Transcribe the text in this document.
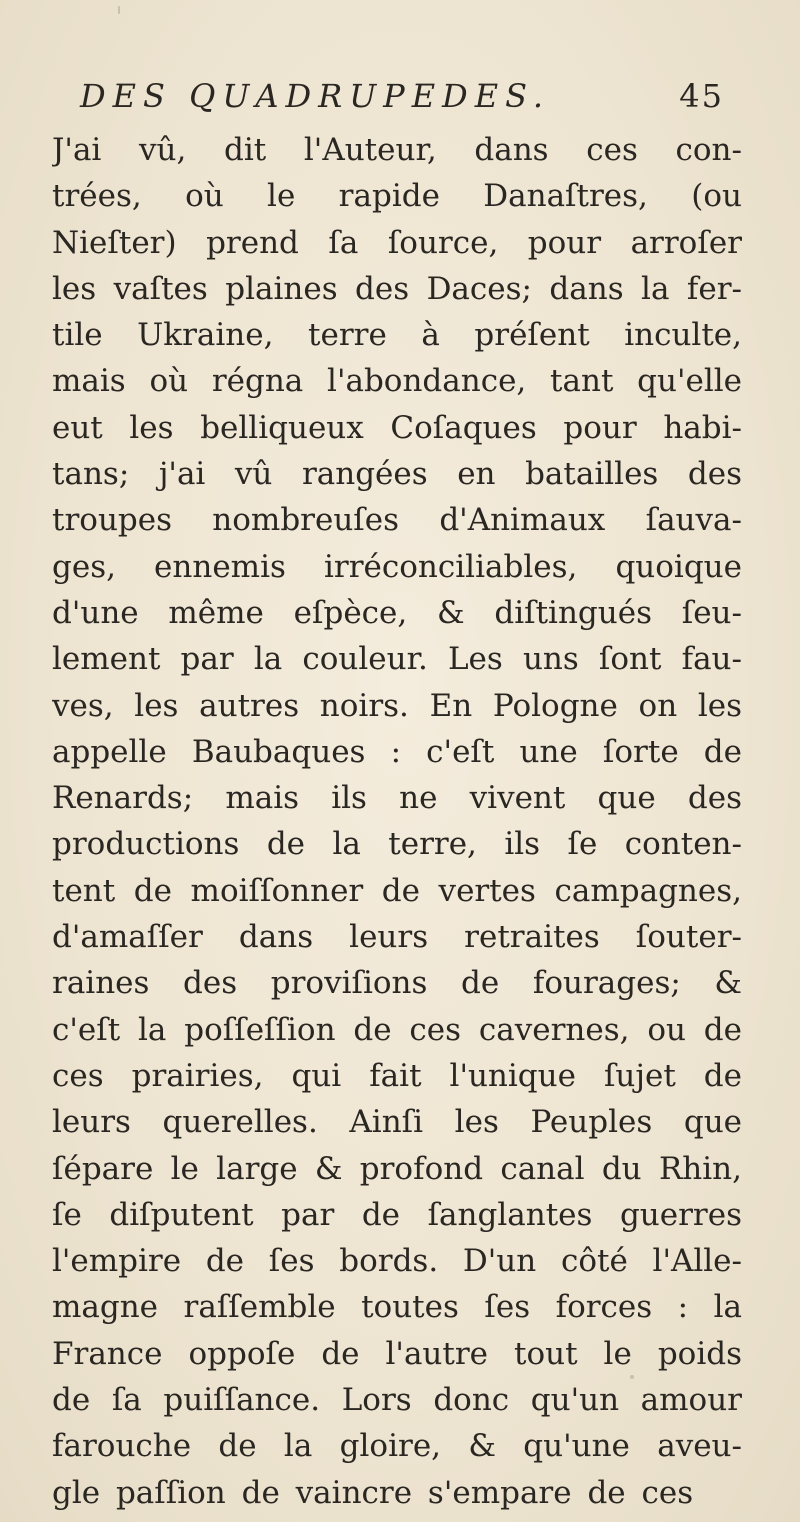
DES QUADRUPEDES.	45
J'ai vû, dit l'Auteur, dans ces con-
trées, où le rapide Danaſtres, (ou
Nieſter) prend ſa ſource, pour arroſer
les vaſtes plaines des Daces; dans la fer-
tile Ukraine, terre à préſent inculte,
mais où régna l'abondance, tant qu'elle
eut les belliqueux Coſaques pour habi-
tans; j'ai vû rangées en batailles des
troupes nombreuſes d'Animaux ſauva-
ges, ennemis irréconciliables, quoique
d'une même eſpèce, & diſtingués ſeu-
lement par la couleur. Les uns ſont fau-
ves, les autres noirs. En Pologne on les
appelle Baubaques : c'eſt une ſorte de
Renards; mais ils ne vivent que des
productions de la terre, ils ſe conten-
tent de moiſſonner de vertes campagnes,
d'amaſſer dans leurs retraites ſouter-
raines des proviſions de fourages; &
c'eſt la poſſeſſion de ces cavernes, ou de
ces prairies, qui fait l'unique ſujet de
leurs querelles. Ainſi les Peuples que
ſépare le large & profond canal du Rhin,
ſe diſputent par de ſanglantes guerres
l'empire de ſes bords. D'un côté l'Alle-
magne raſſemble toutes ſes forces : la
France oppoſe de l'autre tout le poids
de ſa puiſſance. Lors donc qu'un amour
farouche de la gloire, & qu'une aveu-
gle paſſion de vaincre s'empare de ces
